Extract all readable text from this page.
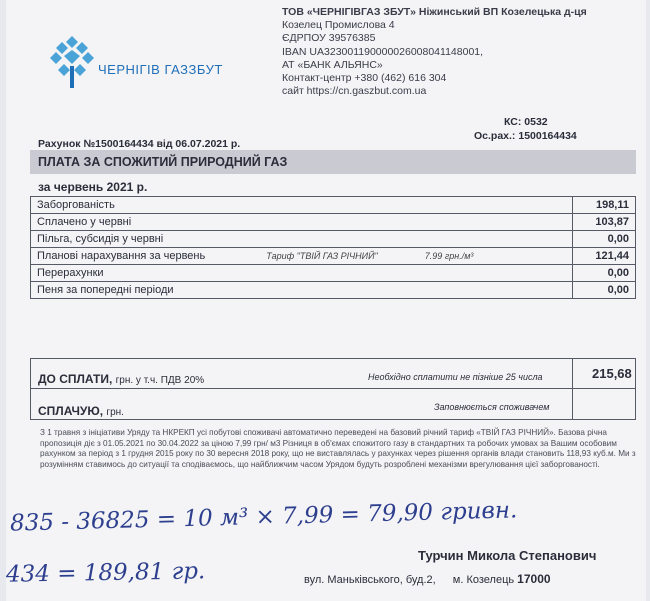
ЧЕРНІГІВ ГАЗЗБУТ
ТОВ «ЧЕРНІГІВГАЗ ЗБУТ» Ніжинський ВП Козелецька д-ця
Козелец Промислова 4
ЄДРПОУ 39576385
IBAN UA323001190000026008041148001,
АТ «БАНК АЛЬЯНС»
Контакт-центр +380 (462) 616 304
сайт https://cn.gaszbut.com.ua
КС: 0532
Ос.рах.: 1500164434
Рахунок №1500164434 від 06.07.2021 р.
ПЛАТА ЗА СПОЖИТИЙ ПРИРОДНИЙ ГАЗ
за червень 2021 р.
Заборгованість	198,11
Сплачено у червні	103,87
Пільга, субсидія у червні	0,00
Планові нарахування за червень Тариф "ТВІЙ ГАЗ РІЧНИЙ" 7.99 грн./м³	121,44
Перерахунки	0,00
Пеня за попередні періоди	0,00
ДО СПЛАТИ, грн. у т.ч. ПДВ 20%	Необхідно сплатити не пізніше 25 числа	215,68
СПЛАЧУЮ, грн.	Заповнюється споживачем
З 1 травня з ініціативи Уряду та НКРЕКП усі побутові споживачі автоматично переведені на базовий річний тариф «ТВІЙ ГАЗ РІЧНИЙ». Базова річна пропозиція діє з 01.05.2021 по 30.04.2022 за ціною 7,99 грн/ м3 Різниця в об'ємах спожитого газу в стандартних та робочих умовах за Вашим особовим рахунком за період з 1 грудня 2015 року по 30 вересня 2018 року, що не виставлялась у рахунках через рішення органів влади становить 118,93 куб.м. Ми з розумінням ставимось до ситуації та сподіваємось, що найближчим часом Урядом будуть розроблені механізми врегулювання цієї заборгованості.
835 - 36825 = 10 м³ × 7,99 = 79,90 гривн.
434 = 189,81 гр.
Турчин Микола Степанович
вул. Маньківського, буд.2, м. Козелець 17000
